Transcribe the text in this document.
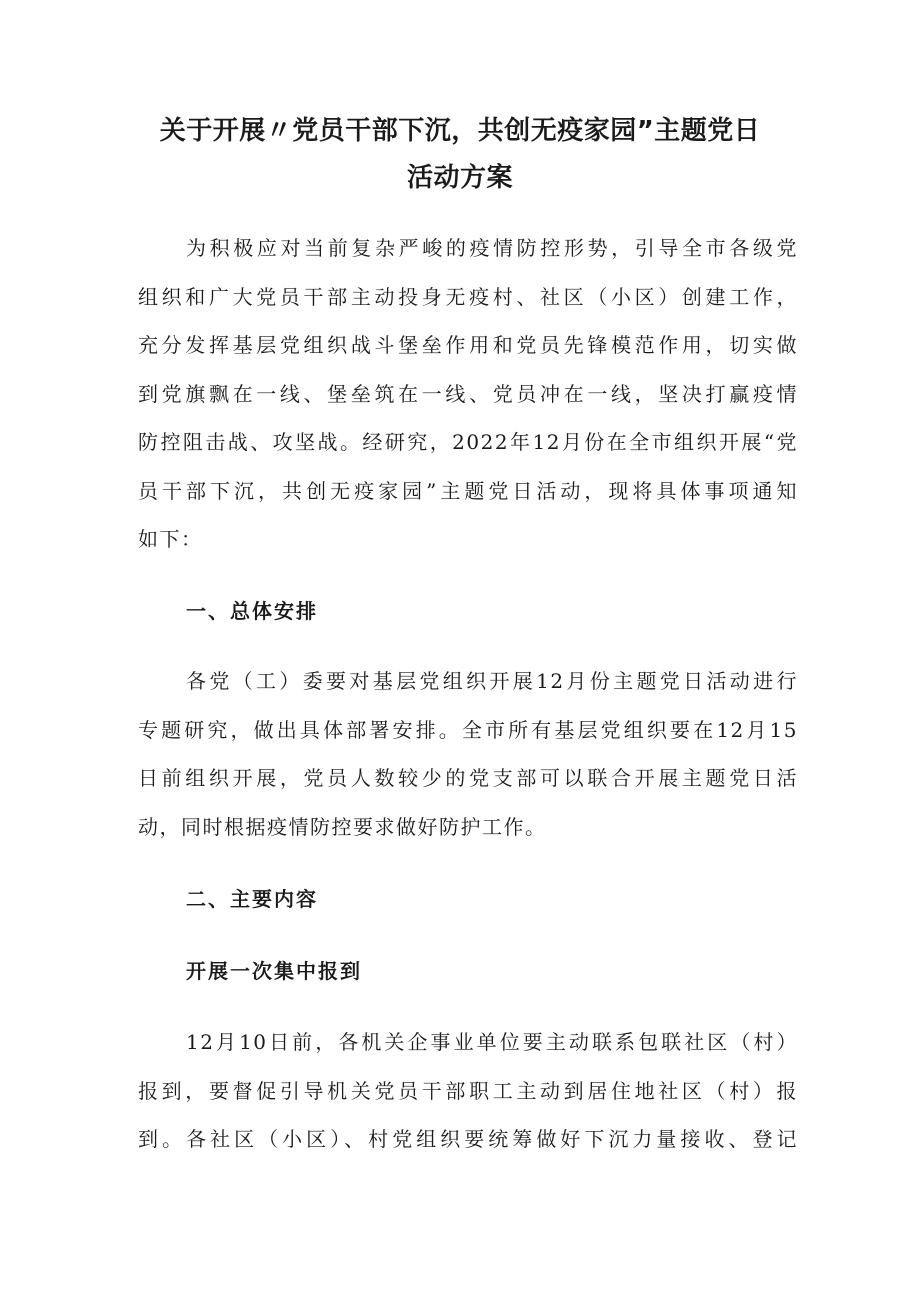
关于开展〃党员干部下沉，共创无疫家园”主题党日
活动方案
为积极应对当前复杂严峻的疫情防控形势，引导全市各级党
组织和广大党员干部主动投身无疫村、社区（小区）创建工作，
充分发挥基层党组织战斗堡垒作用和党员先锋模范作用，切实做
到党旗飘在一线、堡垒筑在一线、党员冲在一线，坚决打赢疫情
防控阻击战、攻坚战。经研究，2022年12月份在全市组织开展“党
员干部下沉，共创无疫家园”主题党日活动，现将具体事项通知
如下：
一、总体安排
各党（工）委要对基层党组织开展12月份主题党日活动进行
专题研究，做出具体部署安排。全市所有基层党组织要在12月15
日前组织开展，党员人数较少的党支部可以联合开展主题党日活
动，同时根据疫情防控要求做好防护工作。
二、主要内容
开展一次集中报到
12月10日前，各机关企事业单位要主动联系包联社区（村）
报到，要督促引导机关党员干部职工主动到居住地社区（村）报
到。各社区（小区）、村党组织要统筹做好下沉力量接收、登记
